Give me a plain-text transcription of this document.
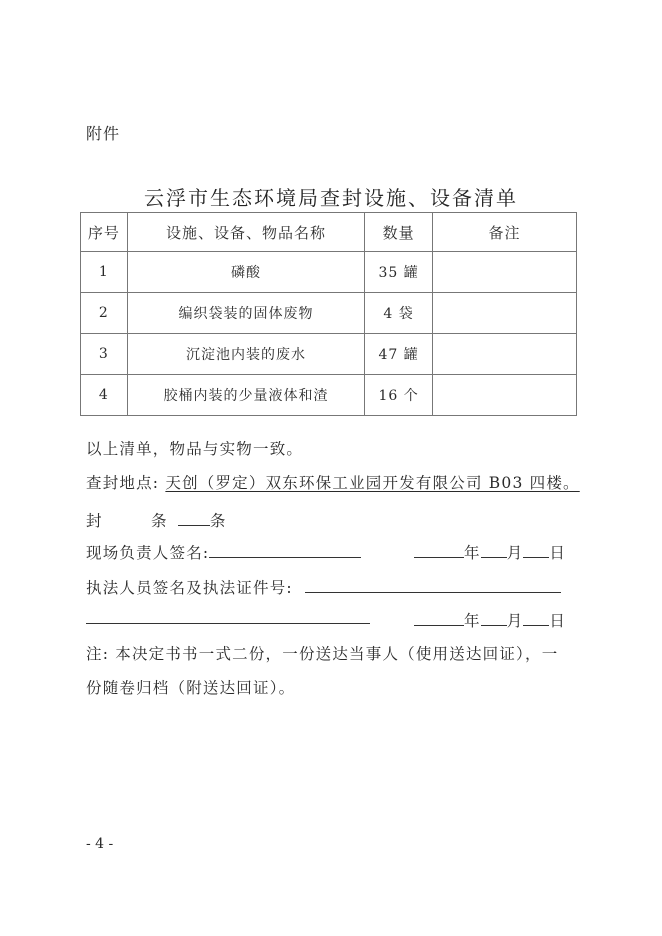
附件
云浮市生态环境局查封设施、设备清单
序号	设施、设备、物品名称	数量	备注
1	磷酸	35 罐	
2	编织袋装的固体废物	4 袋	
3	沉淀池内装的废水	47 罐	
4	胶桶内装的少量液体和渣	16 个	
以上清单，物品与实物一致。
查封地点: 天创（罗定）双东环保工业园开发有限公司 B03 四楼。
封	条	条
现场负责人签名:	年 月 日
执法人员签名及执法证件号:
年 月 日
注: 本决定书书一式二份，一份送达当事人（使用送达回证），一
份随卷归档（附送达回证）。
- 4 -
